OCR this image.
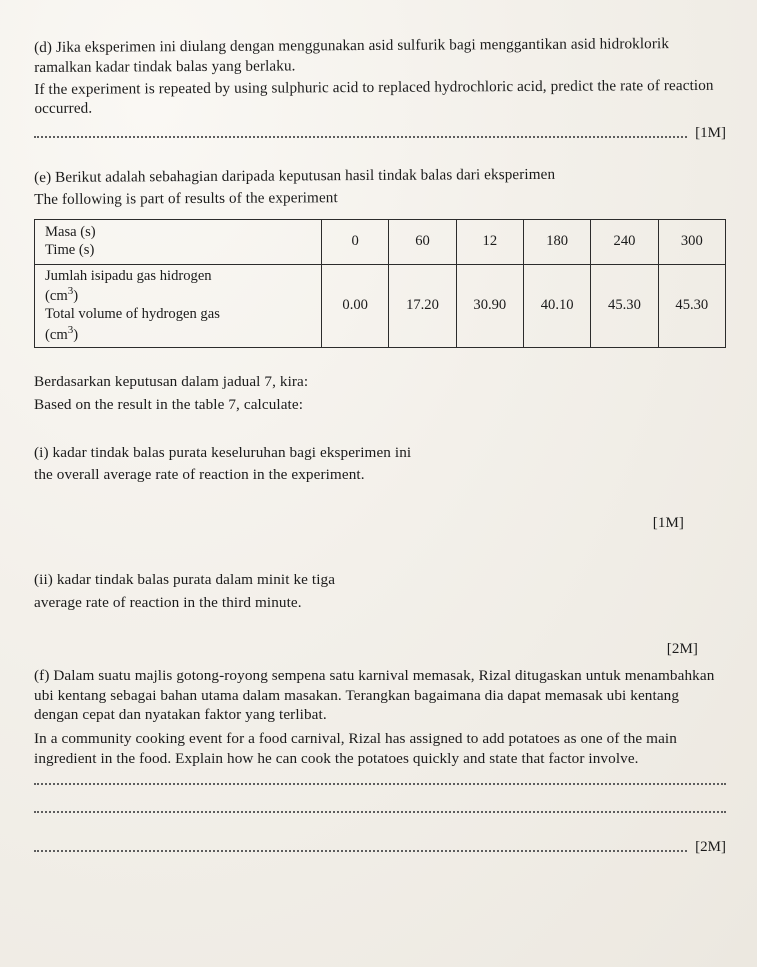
(d) Jika eksperimen ini diulang dengan menggunakan asid sulfurik bagi menggantikan asid hidroklorik ramalkan kadar tindak balas yang berlaku.

If the experiment is repeated by using sulphuric acid to replaced hydrochloric acid, predict the rate of reaction occurred.

[1M]

(e) Berikut adalah sebahagian daripada keputusan hasil tindak balas dari eksperimen

The following is part of results of the experiment

Masa (s)
Time (s)	0	60	12	180	240	300

Jumlah isipadu gas hidrogen
$(cm^3)$
Total volume of hydrogen gas
$(cm^3)$	0.00	17.20	30.90	40.10	45.30	45.30

Berdasarkan keputusan dalam jadual 7, kira:

Based on the result in the table 7, calculate:

(i) kadar tindak balas purata keseluruhan bagi eksperimen ini

the overall average rate of reaction in the experiment.

[1M]

(ii) kadar tindak balas purata dalam minit ke tiga

average rate of reaction in the third minute.

[2M]

(f) Dalam suatu majlis gotong-royong sempena satu karnival memasak, Rizal ditugaskan untuk menambahkan ubi kentang sebagai bahan utama dalam masakan. Terangkan bagaimana dia dapat memasak ubi kentang dengan cepat dan nyatakan faktor yang terlibat.

In a community cooking event for a food carnival, Rizal has assigned to add potatoes as one of the main ingredient in the food. Explain how he can cook the potatoes quickly and state that factor involve.

[2M]
